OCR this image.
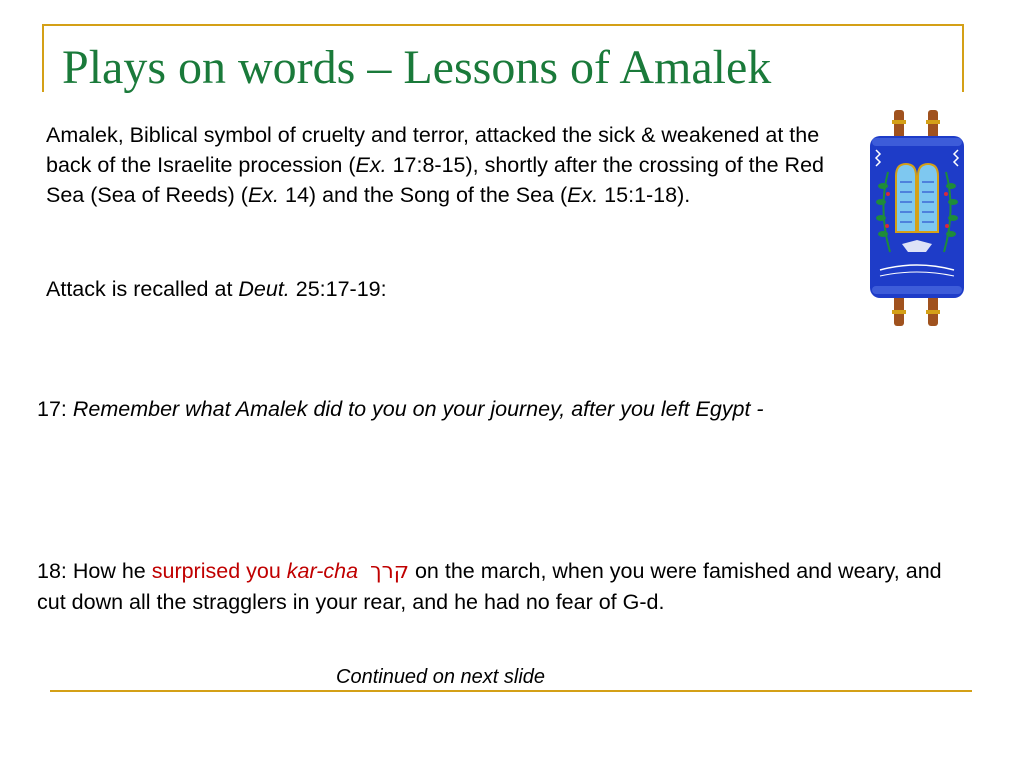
Plays on words – Lessons of Amalek

Amalek, Biblical symbol of cruelty and terror, attacked the sick & weakened at the back of the Israelite procession (Ex. 17:8-15), shortly after the crossing of the Red Sea (Sea of Reeds) (Ex. 14) and the Song of the Sea (Ex. 15:1-18).

Attack is recalled at Deut. 25:17-19:

17: Remember what Amalek did to you on your journey, after you left Egypt -

18: How he surprised you kar-cha קרך on the march, when you were famished and weary, and cut down all the stragglers in your rear, and he had no fear of G-d.

Continued on next slide
